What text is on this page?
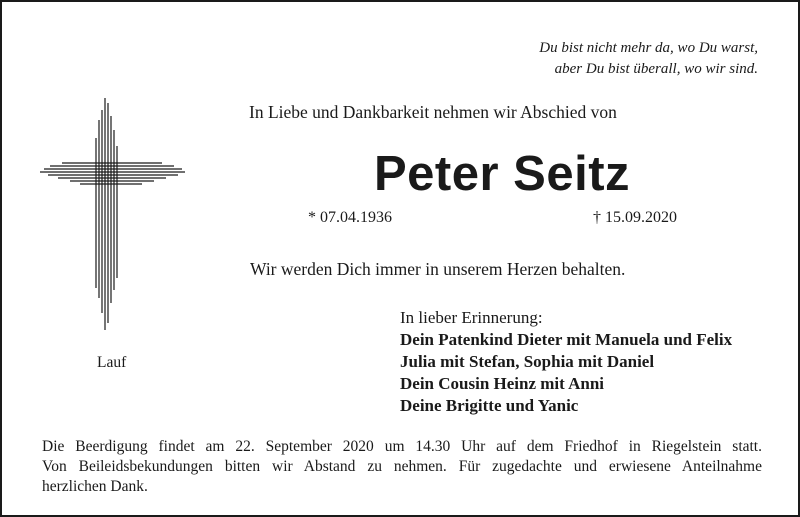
Du bist nicht mehr da, wo Du warst,
aber Du bist überall, wo wir sind.
In Liebe und Dankbarkeit nehmen wir Abschied von
Peter Seitz
* 07.04.1936	† 15.09.2020
Wir werden Dich immer in unserem Herzen behalten.
Lauf
In lieber Erinnerung:
Dein Patenkind Dieter mit Manuela und Felix
Julia mit Stefan, Sophia mit Daniel
Dein Cousin Heinz mit Anni
Deine Brigitte und Yanic
Die Beerdigung findet am 22. September 2020 um 14.30 Uhr auf dem Friedhof in Riegelstein statt.
Von Beileidsbekundungen bitten wir Abstand zu nehmen. Für zugedachte und erwiesene Anteilnahme
herzlichen Dank.
